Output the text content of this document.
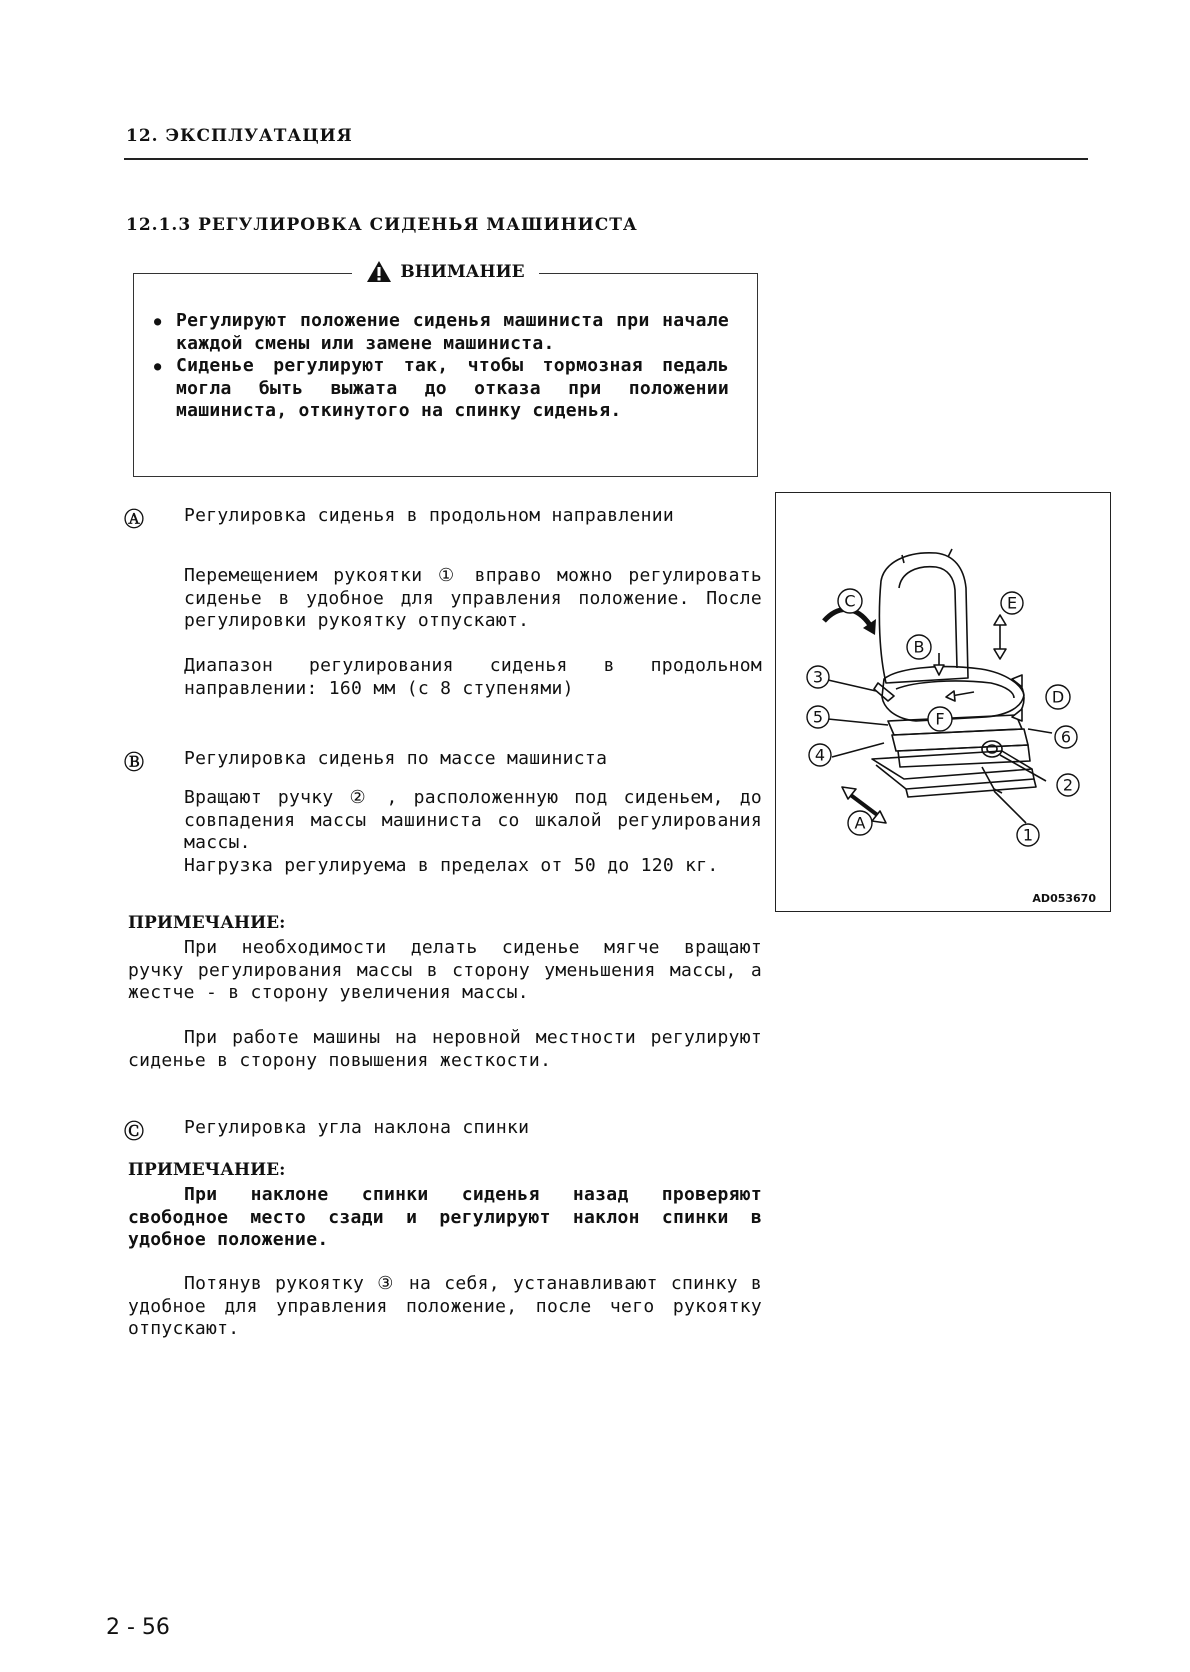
12. ЭКСПЛУАТАЦИЯ
12.1.3 РЕГУЛИРОВКА СИДЕНЬЯ МАШИНИСТА
ВНИМАНИЕ
● Регулируют положение сиденья машиниста при начале каждой смены или замене машиниста.
● Сиденье регулируют так, чтобы тормозная педаль могла быть выжата до отказа при положении машиниста, откинутого на спинку сиденья.
Ⓐ Регулировка сиденья в продольном направлении
Перемещением рукоятки ① вправо можно регулировать сиденье в удобное для управления положение. После регулировки рукоятку отпускают.
Диапазон регулирования сиденья в продольном направлении: 160 мм (с 8 ступенями)
Ⓑ Регулировка сиденья по массе машиниста
Вращают ручку ② , расположенную под сиденьем, до совпадения массы машиниста со шкалой регулирования массы.
Нагрузка регулируема в пределах от 50 до 120 кг.
ПРИМЕЧАНИЕ:
При необходимости делать сиденье мягче вращают ручку регулирования массы в сторону уменьшения массы, а жестче - в сторону увеличения массы.
При работе машины на неровной местности регулируют сиденье в сторону повышения жесткости.
Ⓒ Регулировка угла наклона спинки
ПРИМЕЧАНИЕ:
При наклоне спинки сиденья назад проверяют свободное место сзади и регулируют наклон спинки в удобное положение.
Потянув рукоятку ③ на себя, устанавливают спинку в удобное для управления положение, после чего рукоятку отпускают.
C
B
E
D
F
A
1
2
3
4
5
6
AD053670
2 - 56
